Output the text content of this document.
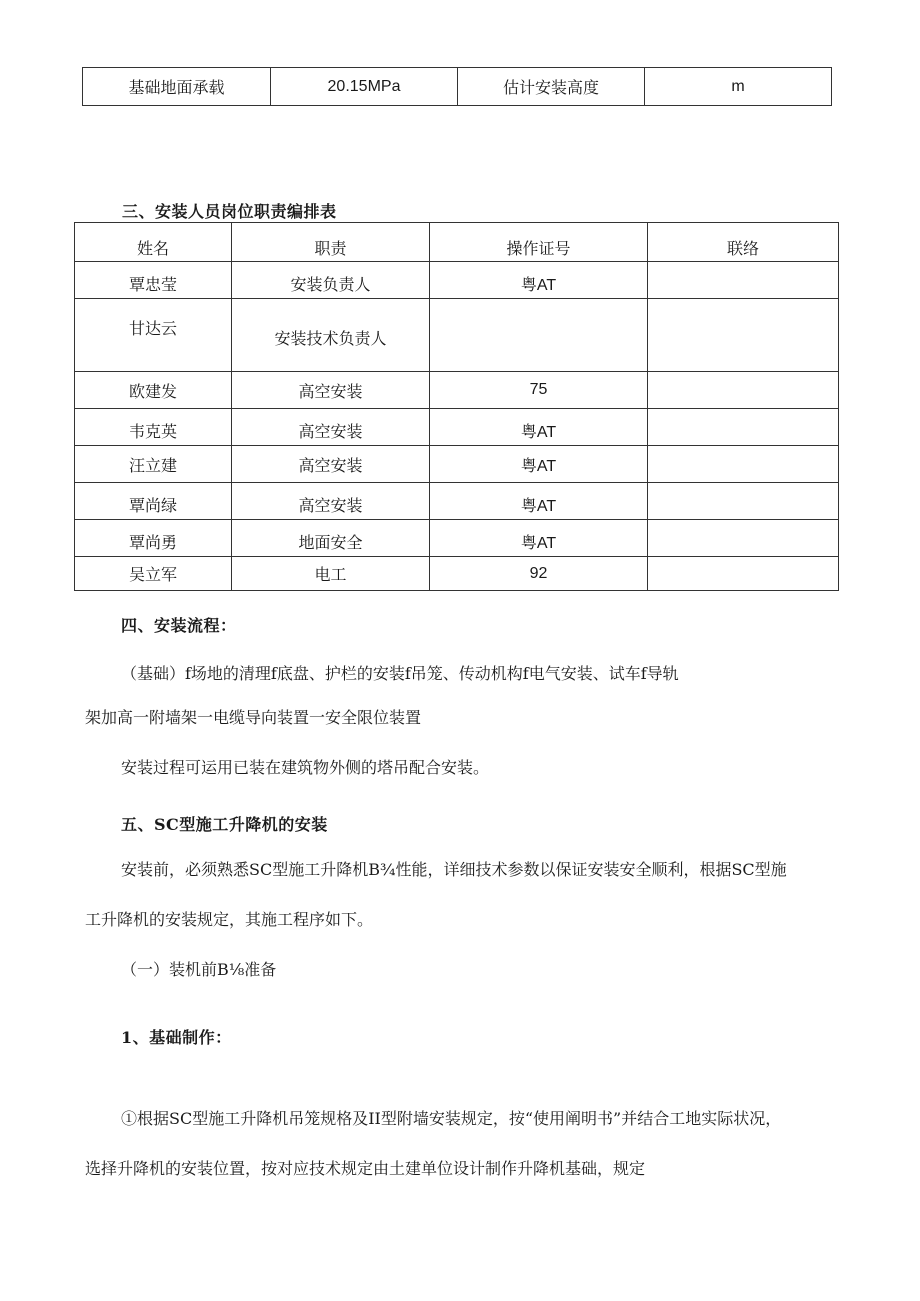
基础地面承载	20.15MPa	估计安装高度	m
三、安装人员岗位职责编排表
姓名	职责	操作证号	联络
覃忠莹	安装负责人	粤AT	
甘达云	安装技术负责人		
欧建发	高空安装	75	
韦克英	高空安装	粤AT	
汪立建	高空安装	粤AT	
覃尚绿	高空安装	粤AT	
覃尚勇	地面安全	粤AT	
吴立军	电工	92	
四、安装流程：
（基础）f场地的清理f底盘、护栏的安装f吊笼、传动机构f电气安装、试车f导轨
架加高一附墙架一电缆导向装置一安全限位装置
安装过程可运用已装在建筑物外侧的塔吊配合安装。
五、SC型施工升降机的安装
安装前，必须熟悉SC型施工升降机B¾性能，详细技术参数以保证安装安全顺利，根据SC型施
工升降机的安装规定，其施工程序如下。
（一）装机前B⅛准备
1、基础制作：
①根据SC型施工升降机吊笼规格及II型附墙安装规定，按“使用阐明书”并结合工地实际状况，
选择升降机的安装位置，按对应技术规定由土建单位设计制作升降机基础，规定
